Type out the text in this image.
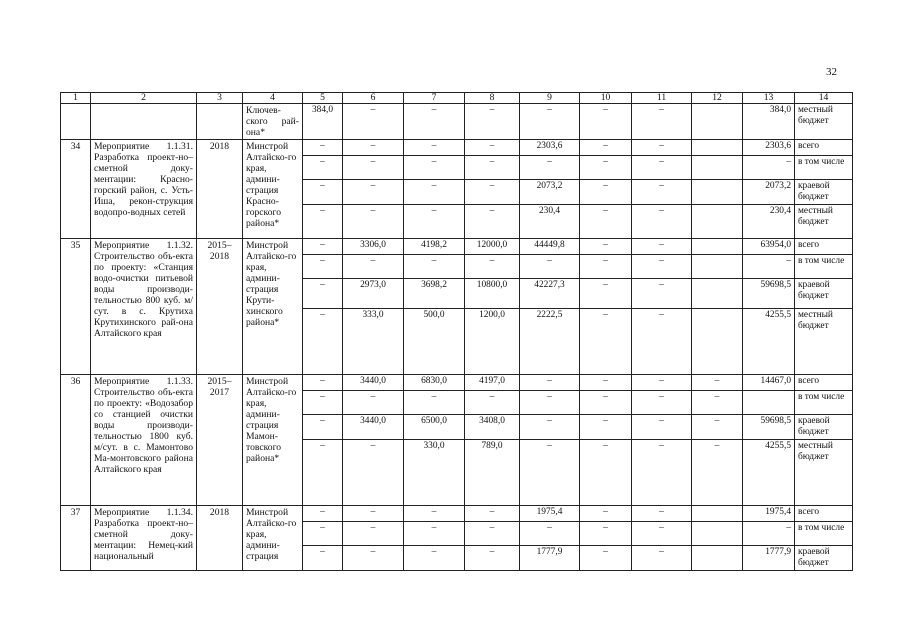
32
1	2	3	4	5	6	7	8	9	10	11	12	13	14
			Ключев-ского рай-она*	384,0	–	–	–	–	–	–		384,0	местный бюджет
34	Мероприятие 1.1.31. Разработка проект-но–сметной доку-ментации: Красно-горский район, с. Усть-Иша, рекон-струкция водопро-водных сетей	2018	Минстрой Алтайско-го края, админи-страция Красно-горского района*	–	–	–	–	2303,6	–	–		2303,6	всего
				–	–	–	–	–	–	–		–	в том числе
				–	–	–	–	2073,2	–	–		2073,2	краевой бюджет
				–	–	–	–	230,4	–	–		230,4	местный бюджет
35	Мероприятие 1.1.32. Строительство объ-екта по проекту: «Станция водо-очистки питьевой воды производи-тельностью 800 куб. м/сут. в с. Крутиха Крутихинского рай-она Алтайского края	2015–2018	Минстрой Алтайско-го края, админи-страция Крути-хинского района*	–	3306,0	4198,2	12000,0	44449,8	–	–		63954,0	всего
				–	–	–	–	–	–	–		–	в том числе
				–	2973,0	3698,2	10800,0	42227,3	–	–		59698,5	краевой бюджет
				–	333,0	500,0	1200,0	2222,5	–	–		4255,5	местный бюджет
36	Мероприятие 1.1.33. Строительство объ-екта по проекту: «Водозабор со станцией очистки воды производи-тельностью 1800 куб. м/сут. в с. Мамонтово Ма-монтовского района Алтайского края	2015–2017	Минстрой Алтайско-го края, админи-страция Мамон-товского района*	–	3440,0	6830,0	4197,0	–	–	–	–	14467,0	всего
				–	–	–	–	–	–	–	–		в том числе
				–	3440,0	6500,0	3408,0	–	–	–	–	59698,5	краевой бюджет
				–	–	330,0	789,0	–	–	–	–	4255,5	местный бюджет
37	Мероприятие 1.1.34. Разработка проект-но–сметной доку-ментации: Немец-кий национальный	2018	Минстрой Алтайско-го края, админи-страция	–	–	–	–	1975,4	–	–		1975,4	всего
				–	–	–	–	–	–	–		–	в том числе
				–	–	–	–	1777,9	–	–		1777,9	краевой бюджет
